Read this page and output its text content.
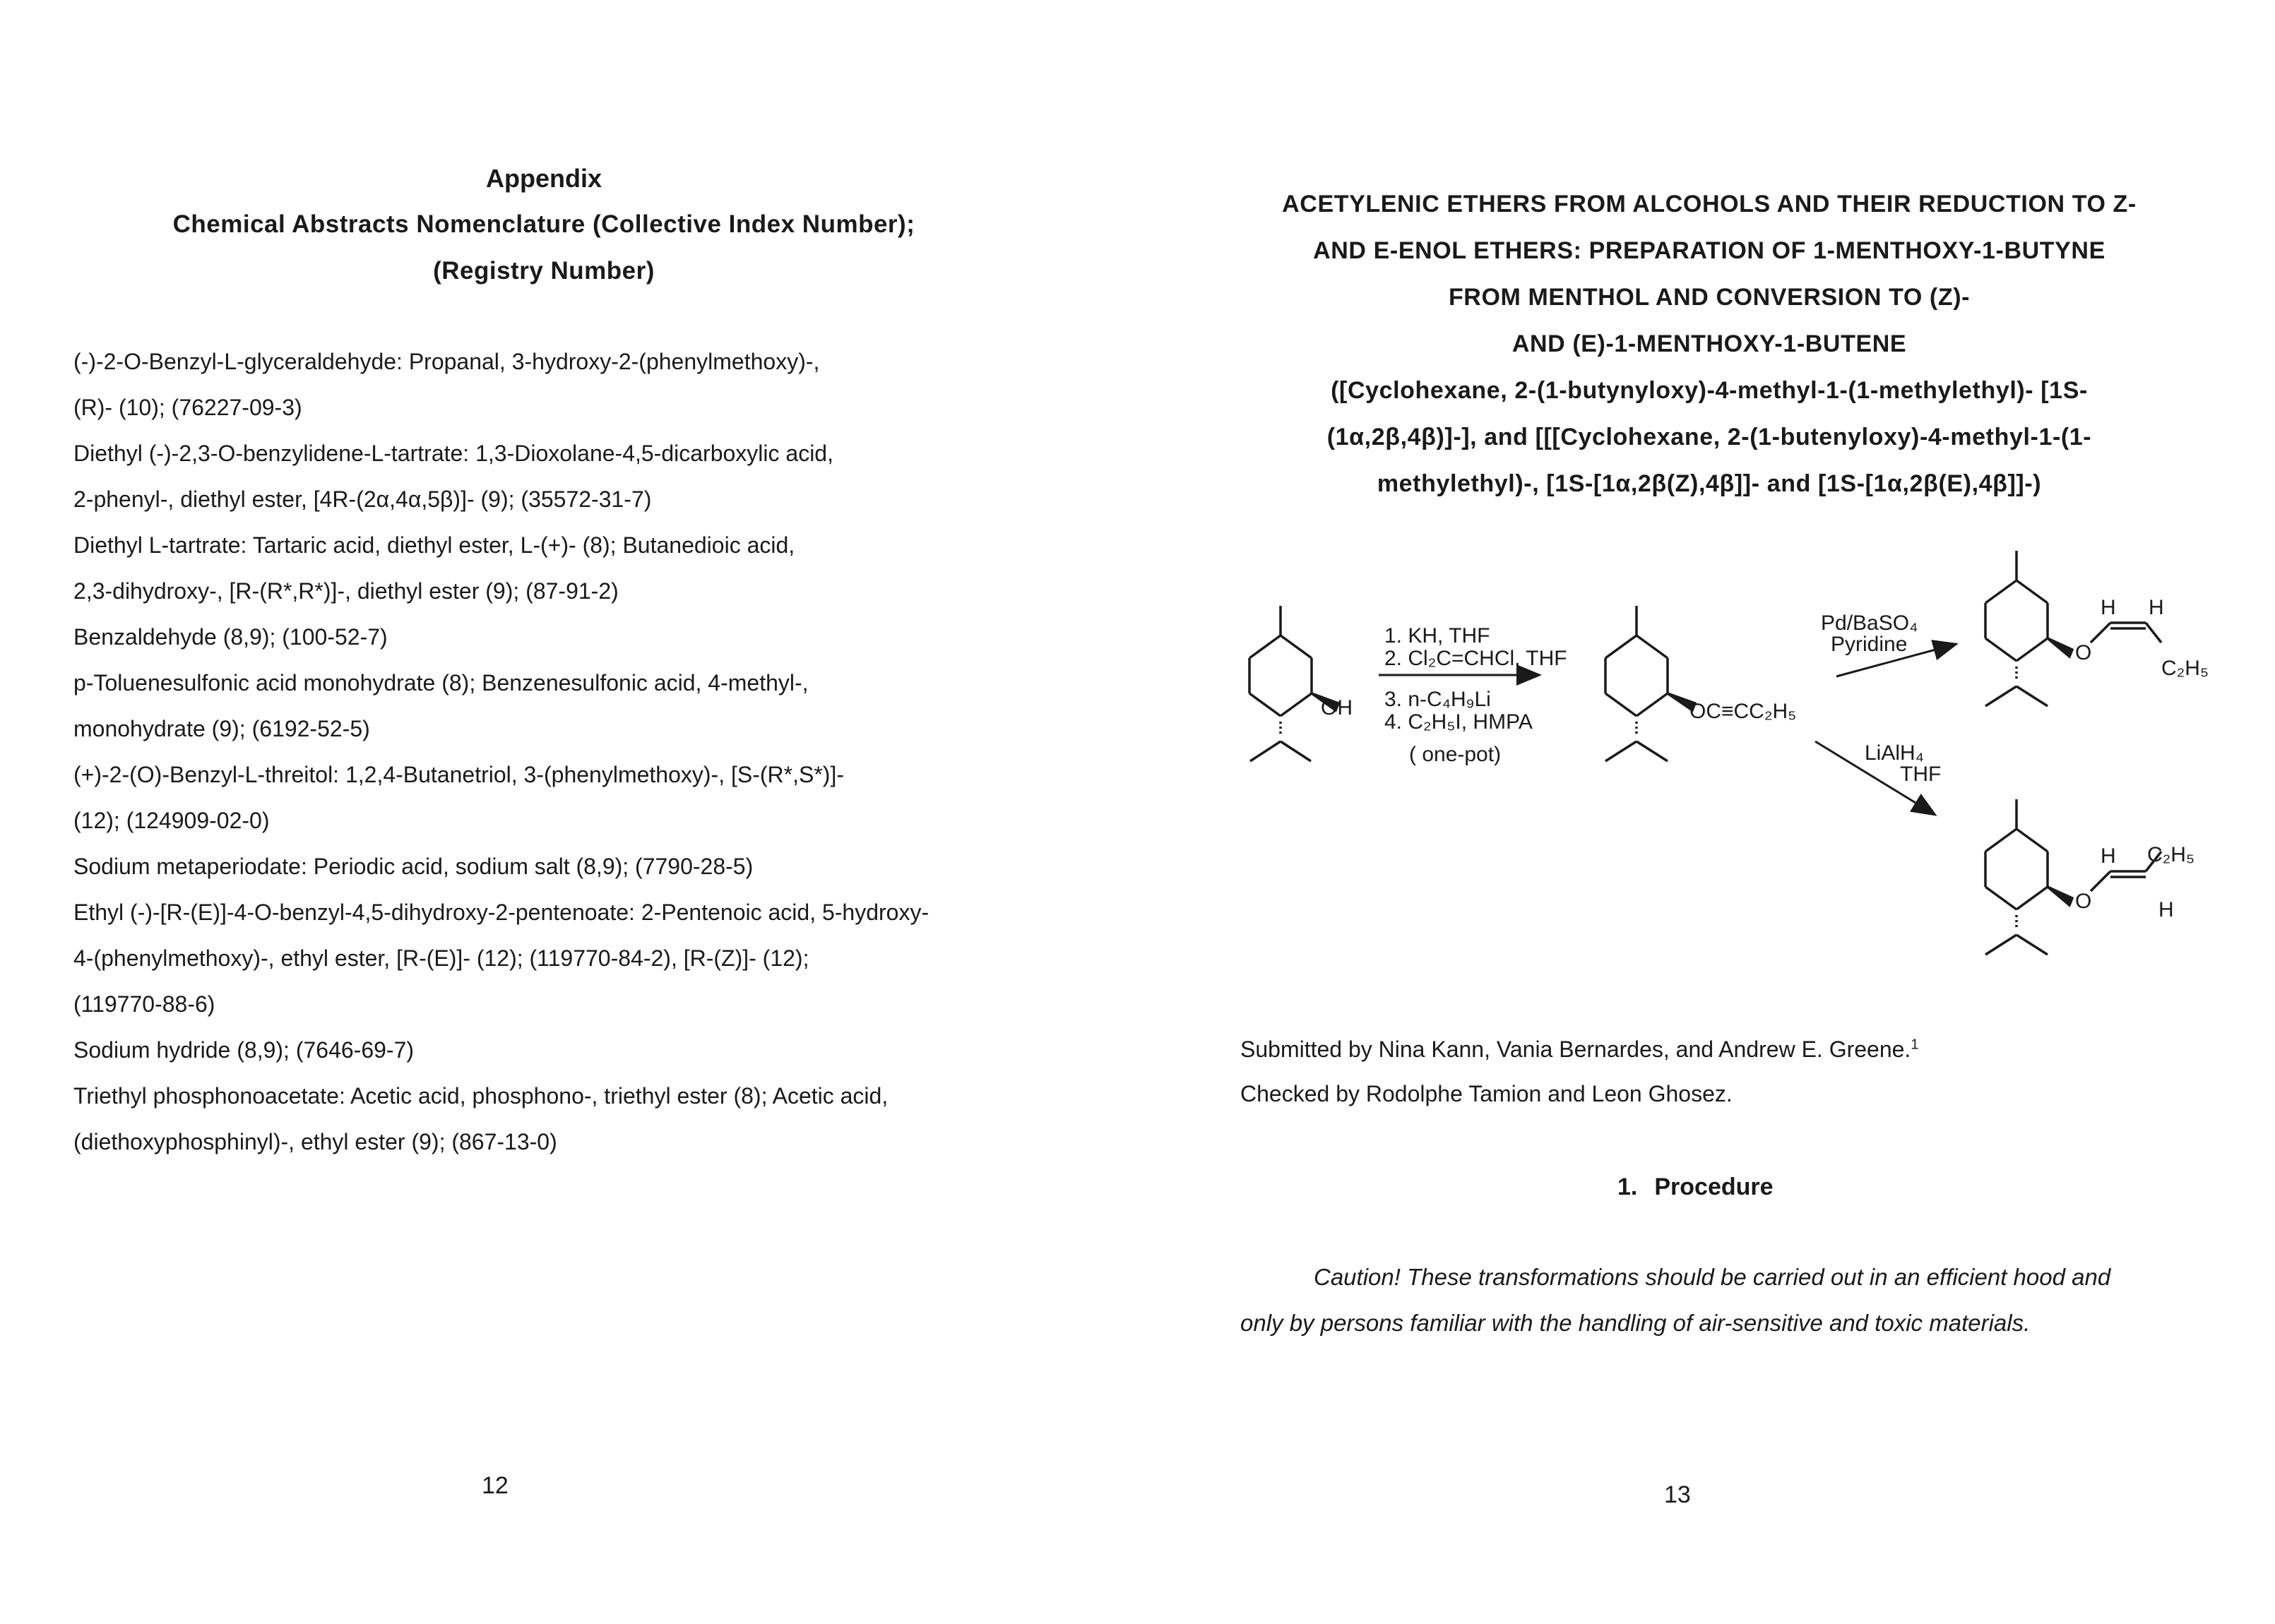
Appendix
Chemical Abstracts Nomenclature (Collective Index Number);
(Registry Number)
(-)-2-O-Benzyl-L-glyceraldehyde: Propanal, 3-hydroxy-2-(phenylmethoxy)-,
(R)- (10); (76227-09-3)
Diethyl (-)-2,3-O-benzylidene-L-tartrate: 1,3-Dioxolane-4,5-dicarboxylic acid,
2-phenyl-, diethyl ester, [4R-(2α,4α,5β)]- (9); (35572-31-7)
Diethyl L-tartrate: Tartaric acid, diethyl ester, L-(+)- (8); Butanedioic acid,
2,3-dihydroxy-, [R-(R*,R*)]-, diethyl ester (9); (87-91-2)
Benzaldehyde (8,9); (100-52-7)
p-Toluenesulfonic acid monohydrate (8); Benzenesulfonic acid, 4-methyl-,
monohydrate (9); (6192-52-5)
(+)-2-(O)-Benzyl-L-threitol: 1,2,4-Butanetriol, 3-(phenylmethoxy)-, [S-(R*,S*)]-
(12); (124909-02-0)
Sodium metaperiodate: Periodic acid, sodium salt (8,9); (7790-28-5)
Ethyl (-)-[R-(E)]-4-O-benzyl-4,5-dihydroxy-2-pentenoate: 2-Pentenoic acid, 5-hydroxy-
4-(phenylmethoxy)-, ethyl ester, [R-(E)]- (12); (119770-84-2), [R-(Z)]- (12);
(119770-88-6)
Sodium hydride (8,9); (7646-69-7)
Triethyl phosphonoacetate: Acetic acid, phosphono-, triethyl ester (8); Acetic acid,
(diethoxyphosphinyl)-, ethyl ester (9); (867-13-0)
12
ACETYLENIC ETHERS FROM ALCOHOLS AND THEIR REDUCTION TO Z-
AND E-ENOL ETHERS: PREPARATION OF 1-MENTHOXY-1-BUTYNE
FROM MENTHOL AND CONVERSION TO (Z)-
AND (E)-1-MENTHOXY-1-BUTENE
([Cyclohexane, 2-(1-butynyloxy)-4-methyl-1-(1-methylethyl)- [1S-
(1α,2β,4β)]-], and [[[Cyclohexane, 2-(1-butenyloxy)-4-methyl-1-(1-
methylethyl)-, [1S-[1α,2β(Z),4β]]- and [1S-[1α,2β(E),4β]]-)
OH
1. KH, THF
2. Cl₂C=CHCl, THF
3. n-C₄H₉Li
4. C₂H₅I, HMPA
( one-pot)
OC≡CC₂H₅
Pd/BaSO₄
Pyridine
LiAlH₄
THF
H H
O
C₂H₅
H C₂H₅
O	H
Submitted by Nina Kann, Vania Bernardes, and Andrew E. Greene.$^1$
Checked by Rodolphe Tamion and Leon Ghosez.
1. Procedure
Caution! These transformations should be carried out in an efficient hood and
only by persons familiar with the handling of air-sensitive and toxic materials.
13
